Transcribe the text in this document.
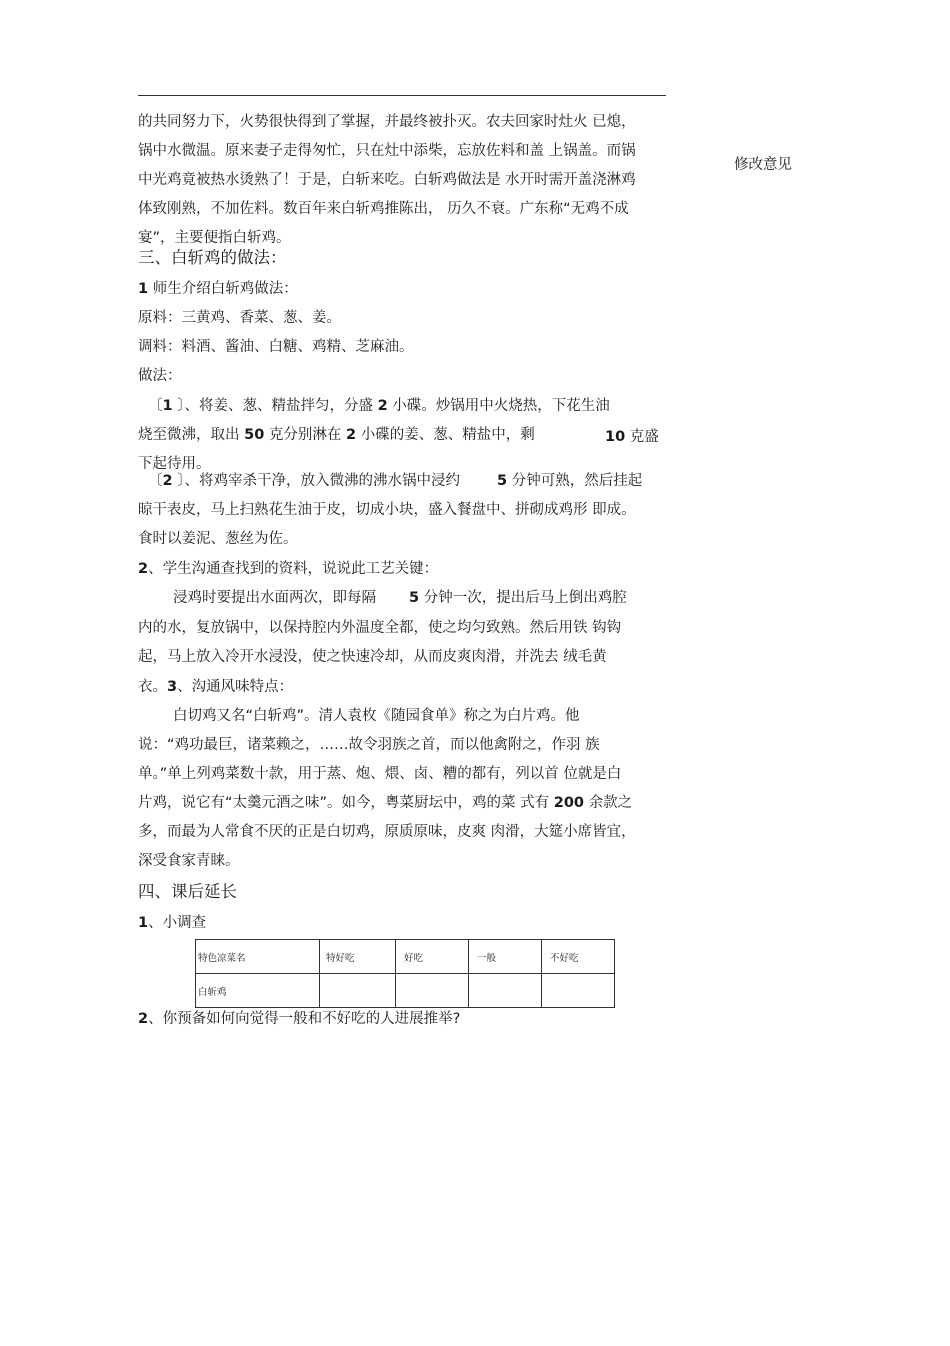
修改意见
的共同努力下，火势很快得到了掌握，并最终被扑灭。农夫回家时灶火 已熄，
锅中水微温。原来妻子走得匆忙，只在灶中添柴，忘放佐料和盖 上锅盖。而锅
中光鸡竟被热水烫熟了！于是，白斩来吃。白斩鸡做法是 水开时需开盖浇淋鸡
体致刚熟，不加佐料。数百年来白斩鸡推陈出， 历久不衰。广东称“无鸡不成
宴”，主要便指白斩鸡。
三、白斩鸡的做法：
1 师生介绍白斩鸡做法：
原料：三黄鸡、香菜、葱、姜。
调料：料酒、酱油、白糖、鸡精、芝麻油。
做法：
〔1 〕、将姜、葱、精盐拌匀，分盛 2 小碟。炒锅用中火烧热，下花生油
烧至微沸，取出 50 克分别淋在 2 小碟的姜、葱、精盐中，剩	10 克盛
下起待用。
〔2 〕、将鸡宰杀干净，放入微沸的沸水锅中浸约	5 分钟可熟，然后挂起
晾干表皮，马上扫熟花生油于皮，切成小块，盛入餐盘中、拼砌成鸡形 即成。
食时以姜泥、葱丝为佐。
2、学生沟通查找到的资料，说说此工艺关键：
浸鸡时要提出水面两次，即每隔 5 分钟一次，提出后马上倒出鸡腔
内的水，复放锅中，以保持腔内外温度全都，使之均匀致熟。然后用铁 钩钩
起，马上放入冷开水浸没，使之快速冷却，从而皮爽肉滑，并洗去 绒毛黄
衣。3、沟通风味特点：
白切鸡又名“白斩鸡”。清人袁枚《随园食单》称之为白片鸡。他
说：“鸡功最巨，诸菜赖之，……故令羽族之首，而以他禽附之，作羽 族
单。”单上列鸡菜数十款，用于蒸、炮、煨、卤、糟的都有，列以首 位就是白
片鸡，说它有“太羹元酒之味”。如今，粤菜厨坛中，鸡的菜 式有 200 余款之
多，而最为人常食不厌的正是白切鸡，原质原味，皮爽 肉滑，大筵小席皆宜，
深受食家青睐。
四、课后延长
1、小调查
特色凉菜名	特好吃	好吃	一般	不好吃
白斩鸡				
2、你预备如何向觉得一般和不好吃的人进展推举?
